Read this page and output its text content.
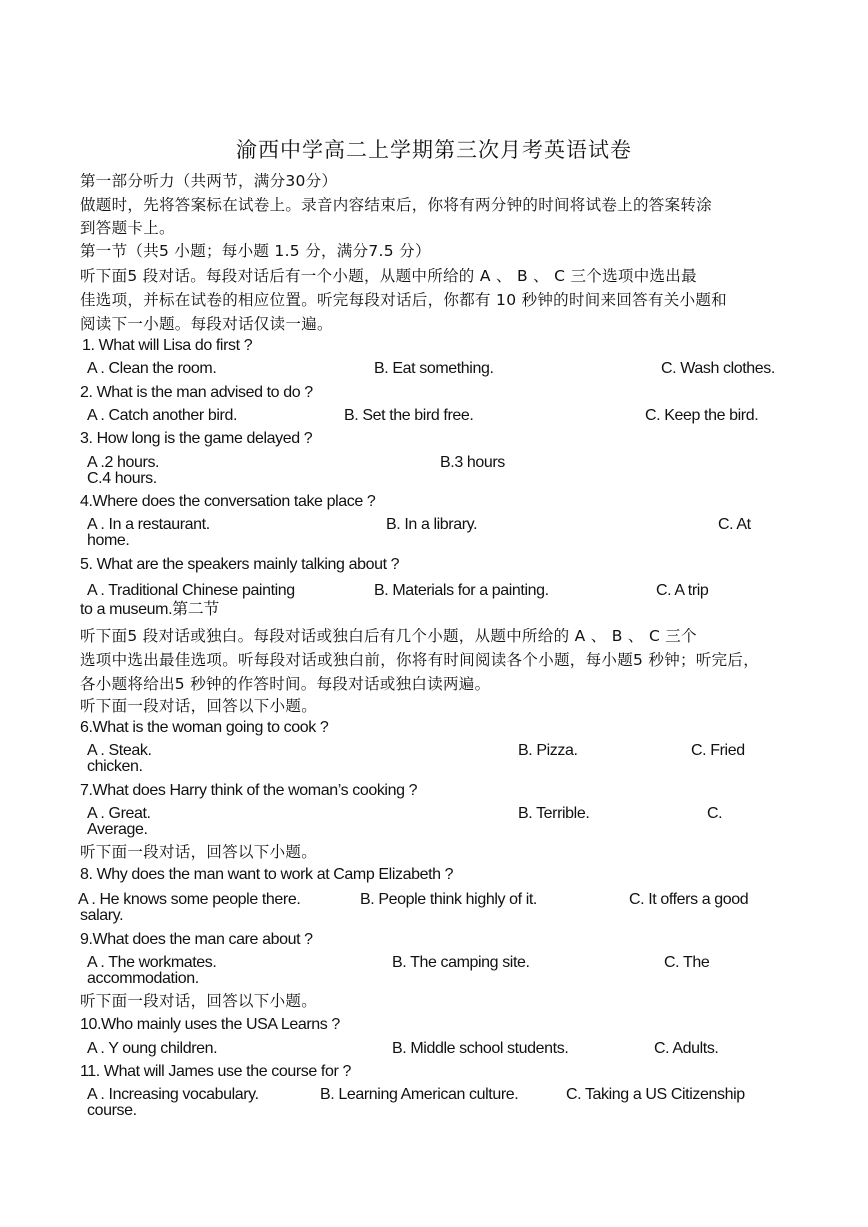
渝西中学高二上学期第三次月考英语试卷
第一部分听力（共两节，满分30分）
做题时，先将答案标在试卷上。录音内容结束后，你将有两分钟的时间将试卷上的答案转涂
到答题卡上。
第一节（共5 小题；每小题 1.5 分，满分7.5 分）
听下面5 段对话。每段对话后有一个小题，从题中所给的 A 、 B 、 C 三个选项中选出最
佳选项，并标在试卷的相应位置。听完每段对话后，你都有 10 秒钟的时间来回答有关小题和
阅读下一小题。每段对话仅读一遍。
1. What will Lisa do first ?
A . Clean the room.	B. Eat something.	C. Wash clothes.
2. What is the man advised to do ?
A . Catch another bird.	B. Set the bird free.	C. Keep the bird.
3. How long is the game delayed ?
A .2 hours.	B.3 hours
C.4 hours.
4.Where does the conversation take place ?
A . In a restaurant.	B. In a library.	C. At
home.
5. What are the speakers mainly talking about ?
A . Traditional Chinese painting	B. Materials for a painting.	C. A trip
to a museum.第二节
听下面5 段对话或独白。每段对话或独白后有几个小题，从题中所给的 A 、 B 、 C 三个
选项中选出最佳选项。听每段对话或独白前，你将有时间阅读各个小题，每小题5 秒钟；听完后，
各小题将给出5 秒钟的作答时间。每段对话或独白读两遍。
听下面一段对话，回答以下小题。
6.What is the woman going to cook ?
A . Steak.	B. Pizza.	C. Fried
chicken.
7.What does Harry think of the woman’s cooking ?
A . Great.	B. Terrible.	C.
Average.
听下面一段对话，回答以下小题。
8. Why does the man want to work at Camp Elizabeth ?
A . He knows some people there.	B. People think highly of it.	C. It offers a good
salary.
9.What does the man care about ?
A . The workmates.	B. The camping site.	C. The
accommodation.
听下面一段对话，回答以下小题。
10.Who mainly uses the USA Learns ?
A . Y oung children.	B. Middle school students.	C. Adults.
11. What will James use the course for ?
A . Increasing vocabulary.	B. Learning American culture.	C. Taking a US Citizenship
course.
